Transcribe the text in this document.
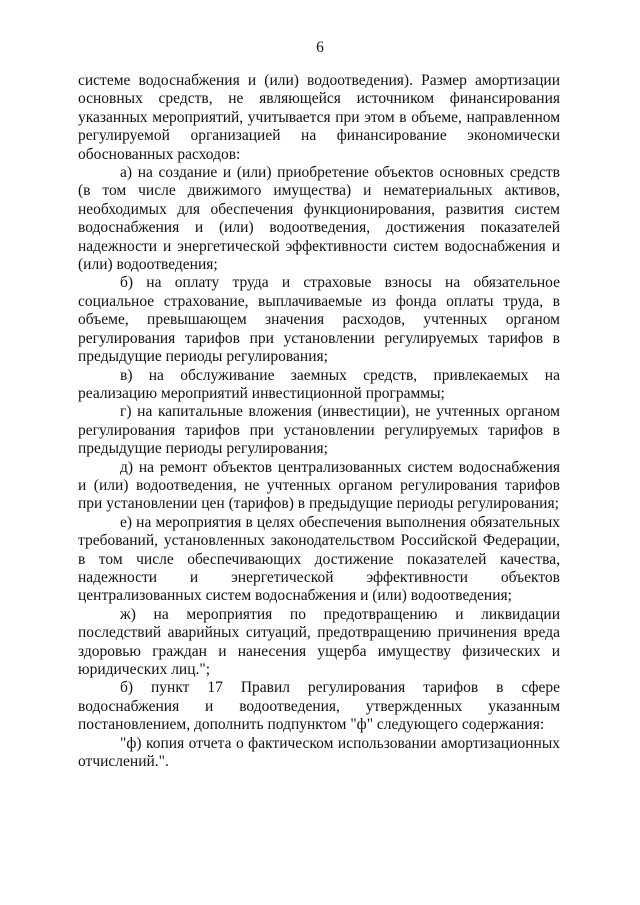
6

системе водоснабжения и (или) водоотведения). Размер амортизации основных средств, не являющейся источником финансирования указанных мероприятий, учитывается при этом в объеме, направленном регулируемой организацией на финансирование экономически обоснованных расходов:

а) на создание и (или) приобретение объектов основных средств (в том числе движимого имущества) и нематериальных активов, необходимых для обеспечения функционирования, развития систем водоснабжения и (или) водоотведения, достижения показателей надежности и энергетической эффективности систем водоснабжения и (или) водоотведения;

б) на оплату труда и страховые взносы на обязательное социальное страхование, выплачиваемые из фонда оплаты труда, в объеме, превышающем значения расходов, учтенных органом регулирования тарифов при установлении регулируемых тарифов в предыдущие периоды регулирования;

в) на обслуживание заемных средств, привлекаемых на реализацию мероприятий инвестиционной программы;

г) на капитальные вложения (инвестиции), не учтенных органом регулирования тарифов при установлении регулируемых тарифов в предыдущие периоды регулирования;

д) на ремонт объектов централизованных систем водоснабжения и (или) водоотведения, не учтенных органом регулирования тарифов при установлении цен (тарифов) в предыдущие периоды регулирования;

е) на мероприятия в целях обеспечения выполнения обязательных требований, установленных законодательством Российской Федерации, в том числе обеспечивающих достижение показателей качества, надежности и энергетической эффективности объектов централизованных систем водоснабжения и (или) водоотведения;

ж) на мероприятия по предотвращению и ликвидации последствий аварийных ситуаций, предотвращению причинения вреда здоровью граждан и нанесения ущерба имуществу физических и юридических лиц.";

б) пункт 17 Правил регулирования тарифов в сфере водоснабжения и водоотведения, утвержденных указанным постановлением, дополнить подпунктом "ф" следующего содержания:

"ф) копия отчета о фактическом использовании амортизационных отчислений.".
